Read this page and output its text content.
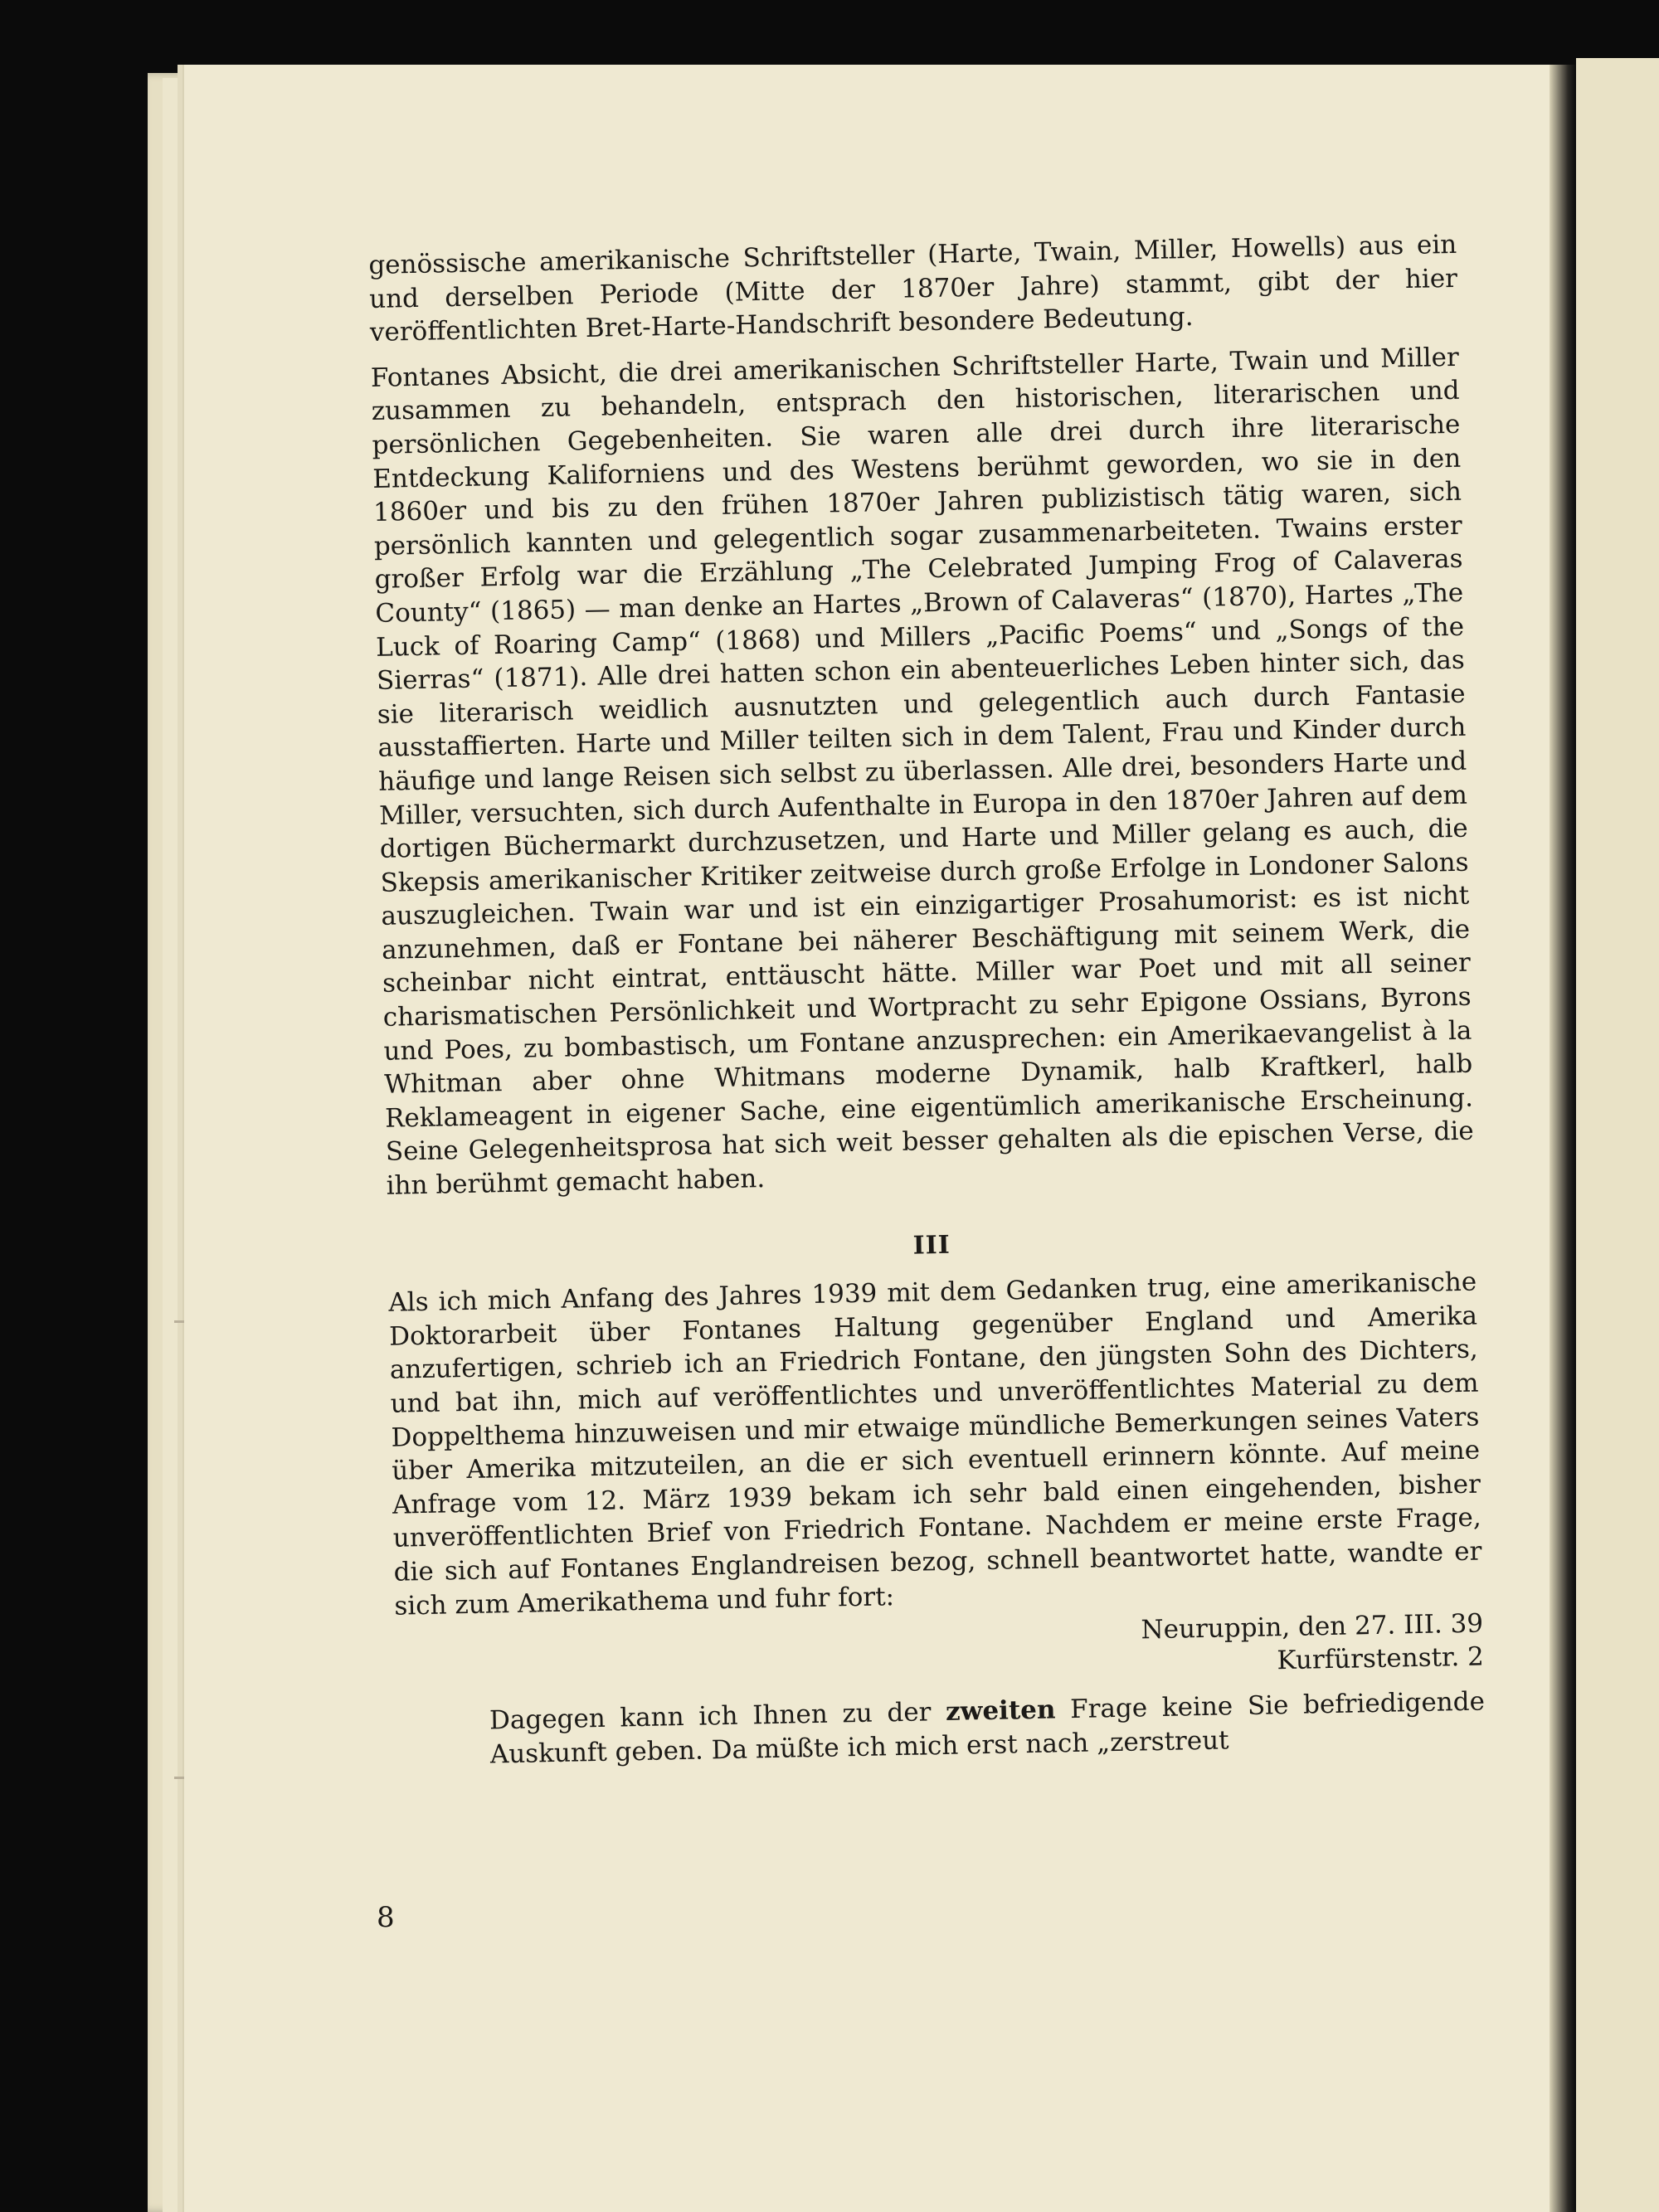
genössische amerikanische Schriftsteller (Harte, Twain, Miller, Howells) aus ein und derselben Periode (Mitte der 1870er Jahre) stammt, gibt der hier veröffentlichten Bret-Harte-Handschrift besondere Bedeutung.

Fontanes Absicht, die drei amerikanischen Schriftsteller Harte, Twain und Miller zusammen zu behandeln, entsprach den historischen, literarischen und persönlichen Gegebenheiten. Sie waren alle drei durch ihre literarische Entdeckung Kaliforniens und des Westens berühmt geworden, wo sie in den 1860er und bis zu den frühen 1870er Jahren publizistisch tätig waren, sich persönlich kannten und gelegentlich sogar zusammenarbeiteten. Twains erster großer Erfolg war die Erzählung „The Celebrated Jumping Frog of Calaveras County“ (1865) — man denke an Hartes „Brown of Calaveras“ (1870), Hartes „The Luck of Roaring Camp“ (1868) und Millers „Pacific Poems“ und „Songs of the Sierras“ (1871). Alle drei hatten schon ein abenteuerliches Leben hinter sich, das sie literarisch weidlich ausnutzten und gelegentlich auch durch Fantasie ausstaffierten. Harte und Miller teilten sich in dem Talent, Frau und Kinder durch häufige und lange Reisen sich selbst zu überlassen. Alle drei, besonders Harte und Miller, versuchten, sich durch Aufenthalte in Europa in den 1870er Jahren auf dem dortigen Büchermarkt durchzusetzen, und Harte und Miller gelang es auch, die Skepsis amerikanischer Kritiker zeitweise durch große Erfolge in Londoner Salons auszugleichen. Twain war und ist ein einzigartiger Prosahumorist: es ist nicht anzunehmen, daß er Fontane bei näherer Beschäftigung mit seinem Werk, die scheinbar nicht eintrat, enttäuscht hätte. Miller war Poet und mit all seiner charismatischen Persönlichkeit und Wortpracht zu sehr Epigone Ossians, Byrons und Poes, zu bombastisch, um Fontane anzusprechen: ein Amerikaevangelist à la Whitman aber ohne Whitmans moderne Dynamik, halb Kraftkerl, halb Reklameagent in eigener Sache, eine eigentümlich amerikanische Erscheinung. Seine Gelegenheitsprosa hat sich weit besser gehalten als die epischen Verse, die ihn berühmt gemacht haben.

III

Als ich mich Anfang des Jahres 1939 mit dem Gedanken trug, eine amerikanische Doktorarbeit über Fontanes Haltung gegenüber England und Amerika anzufertigen, schrieb ich an Friedrich Fontane, den jüngsten Sohn des Dichters, und bat ihn, mich auf veröffentlichtes und unveröffentlichtes Material zu dem Doppelthema hinzuweisen und mir etwaige mündliche Bemerkungen seines Vaters über Amerika mitzuteilen, an die er sich eventuell erinnern könnte. Auf meine Anfrage vom 12. März 1939 bekam ich sehr bald einen eingehenden, bisher unveröffentlichten Brief von Friedrich Fontane. Nachdem er meine erste Frage, die sich auf Fontanes Englandreisen bezog, schnell beantwortet hatte, wandte er sich zum Amerikathema und fuhr fort:

Neuruppin, den 27. III. 39
Kurfürstenstr. 2

Dagegen kann ich Ihnen zu der zweiten Frage keine Sie befriedigende Auskunft geben. Da müßte ich mich erst nach „zerstreut

8
